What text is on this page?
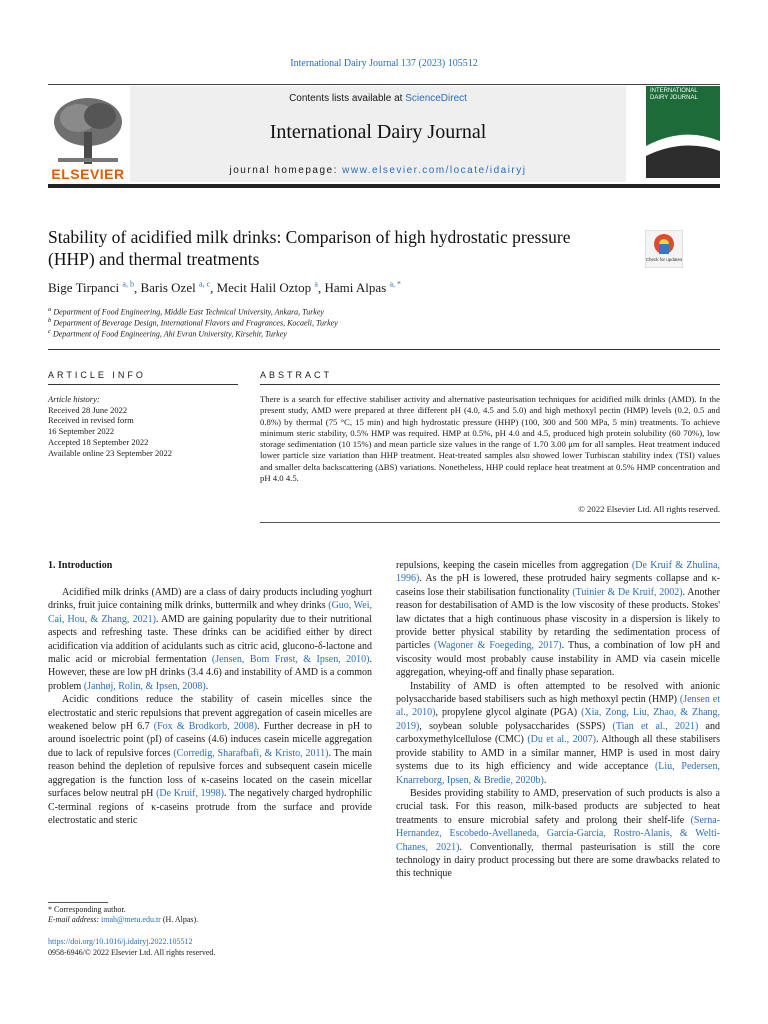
International Dairy Journal 137 (2023) 105512
ELSEVIER
Contents lists available at ScienceDirect
International Dairy Journal
journal homepage: www.elsevier.com/locate/idairyj
INTERNATIONAL DAIRY JOURNAL
Stability of acidified milk drinks: Comparison of high hydrostatic pressure (HHP) and thermal treatments	Check for updates
Bige Tirpanci $^{a, b}$, Baris Ozel $^{a, c}$, Mecit Halil Oztop $^a$, Hami Alpas $^{a, *}$
$^a$ Department of Food Engineering, Middle East Technical University, Ankara, Turkey
$^b$ Department of Beverage Design, International Flavors and Fragrances, Kocaeli, Turkey
$^c$ Department of Food Engineering, Ahi Evran University, Kirsehir, Turkey
ARTICLE INFO	ABSTRACT
Article history:
Received 28 June 2022
Received in revised form
16 September 2022
Accepted 18 September 2022
Available online 23 September 2022
There is a search for effective stabiliser activity and alternative pasteurisation techniques for acidified milk drinks (AMD). In the present study, AMD were prepared at three different pH (4.0, 4.5 and 5.0) and high methoxyl pectin (HMP) levels (0.2, 0.5 and 0.8%) by thermal (75 °C, 15 min) and high hydrostatic pressure (HHP) (100, 300 and 500 MPa, 5 min) treatments. To achieve minimum steric stability, 0.5% HMP was required. HMP at 0.5%, pH 4.0 and 4.5, produced high protein solubility (60 70%), low storage sedimentation (10 15%) and mean particle size values in the range of 1.70 3.00 μm for all samples. Heat treatment induced lower particle size variation than HHP treatment. Heat-treated samples also showed lower Turbiscan stability index (TSI) values and smaller delta backscattering (ΔBS) variations. Nonetheless, HHP could replace heat treatment at 0.5% HMP concentration and pH 4.0 4.5.
© 2022 Elsevier Ltd. All rights reserved.
1. Introduction

Acidified milk drinks (AMD) are a class of dairy products including yoghurt drinks, fruit juice containing milk drinks, buttermilk and whey drinks (Guo, Wei, Cai, Hou, & Zhang, 2021). AMD are gaining popularity due to their nutritional aspects and refreshing taste. These drinks can be acidified either by direct acidification via addition of acidulants such as citric acid, glucono-δ-lactone and malic acid or microbial fermentation (Jensen, Bom Frøst, & Ipsen, 2010). However, these are low pH drinks (3.4 4.6) and instability of AMD is a common problem (Janhøj, Rolin, & Ipsen, 2008).

Acidic conditions reduce the stability of casein micelles since the electrostatic and steric repulsions that prevent aggregation of casein micelles are weakened below pH 6.7 (Fox & Brodkorb, 2008). Further decrease in pH to around isoelectric point (pI) of caseins (4.6) induces casein micelle aggregation due to lack of repulsive forces (Corredig, Sharafbafi, & Kristo, 2011). The main reason behind the depletion of repulsive forces and subsequent casein micelle aggregation is the function loss of κ-caseins located on the casein micellar surfaces below neutral pH (De Kruif, 1998). The negatively charged hydrophilic C-terminal regions of κ-caseins protrude from the surface and provide electrostatic and steric

repulsions, keeping the casein micelles from aggregation (De Kruif & Zhulina, 1996). As the pH is lowered, these protruded hairy segments collapse and κ-caseins lose their stabilisation functionality (Tuinier & De Kruif, 2002). Another reason for destabilisation of AMD is the low viscosity of these products. Stokes' law dictates that a high continuous phase viscosity in a dispersion is likely to provide better physical stability by retarding the sedimentation process of particles (Wagoner & Foegeding, 2017). Thus, a combination of low pH and viscosity would most probably cause instability in AMD via casein micelle aggregation, wheying-off and finally phase separation.

Instability of AMD is often attempted to be resolved with anionic polysaccharide based stabilisers such as high methoxyl pectin (HMP) (Jensen et al., 2010), propylene glycol alginate (PGA) (Xia, Zong, Liu, Zhao, & Zhang, 2019), soybean soluble polysaccharides (SSPS) (Tian et al., 2021) and carboxymethylcellulose (CMC) (Du et al., 2007). Although all these stabilisers provide stability to AMD in a similar manner, HMP is used in most dairy systems due to its high efficiency and wide acceptance (Liu, Pedersen, Knarreborg, Ipsen, & Bredie, 2020b).

Besides providing stability to AMD, preservation of such products is also a crucial task. For this reason, milk-based products are subjected to heat treatments to ensure microbial safety and prolong their shelf-life (Serna-Hernandez, Escobedo-Avellaneda, García-García, Rostro-Alanis, & Welti-Chanes, 2021). Conventionally, thermal pasteurisation is still the core technology in dairy product processing but there are some drawbacks related to this technique

* Corresponding author.
E-mail address: imah@metu.edu.tr (H. Alpas).
https://doi.org/10.1016/j.idairyj.2022.105512
0958-6946/© 2022 Elsevier Ltd. All rights reserved.
